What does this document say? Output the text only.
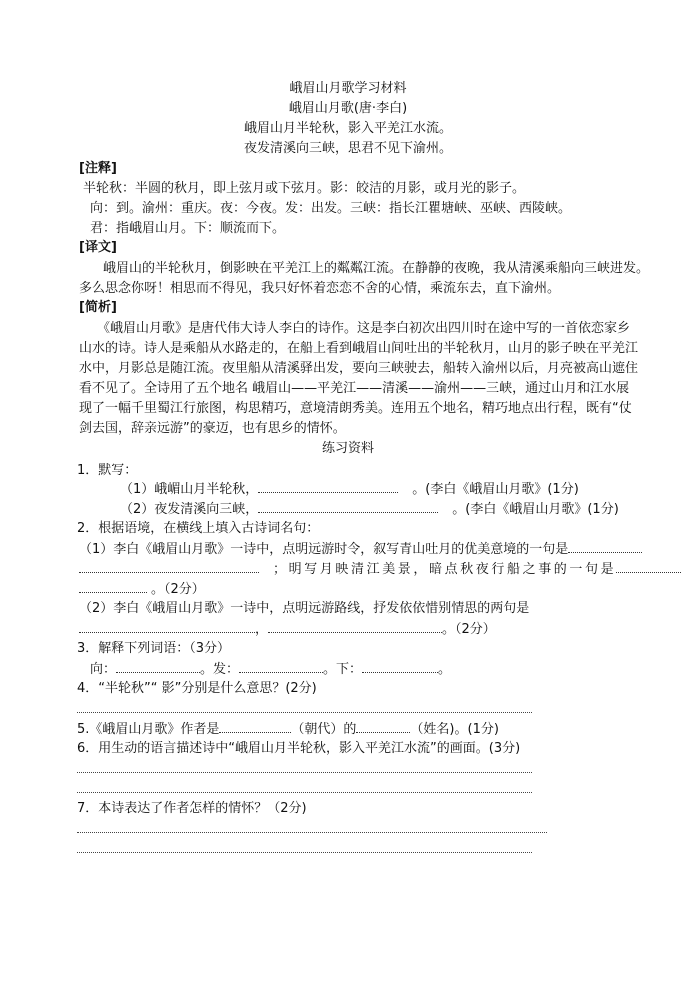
峨眉山月歌学习材料
峨眉山月歌(唐·李白)
峨眉山月半轮秋，影入平羌江水流。
夜发清溪向三峡，思君不见下渝州。
[注释]
半轮秋：半圆的秋月，即上弦月或下弦月。影：皎洁的月影，或月光的影子。
向：到。渝州：重庆。夜：今夜。发：出发。三峡：指长江瞿塘峡、巫峡、西陵峡。
君：指峨眉山月。下：顺流而下。
[译文]
峨眉山的半轮秋月，倒影映在平羌江上的粼粼江流。在静静的夜晚，我从清溪乘船向三峡进发。
多么思念你呀！相思而不得见，我只好怀着恋恋不舍的心情，乘流东去，直下渝州。
[简析]
《峨眉山月歌》是唐代伟大诗人李白的诗作。这是李白初次出四川时在途中写的一首依恋家乡
山水的诗。诗人是乘船从水路走的，在船上看到峨眉山间吐出的半轮秋月，山月的影子映在平羌江
水中，月影总是随江流。夜里船从清溪驿出发，要向三峡驶去，船转入渝州以后，月亮被高山遮住
看不见了。全诗用了五个地名 峨眉山——平羌江——清溪——渝州——三峡，通过山月和江水展
现了一幅千里蜀江行旅图，构思精巧，意境清朗秀美。连用五个地名，精巧地点出行程，既有“仗
剑去国，辞亲远游”的豪迈，也有思乡的情怀。
练习资料
1．默写：
（1）峨嵋山月半轮秋，	。(李白《峨眉山月歌》(1分)
（2）夜发清溪向三峡，	。(李白《峨眉山月歌》(1分)
2．根据语境，在横线上填入古诗词名句：
（1）李白《峨眉山月歌》一诗中，点明远游时令，叙写青山吐月的优美意境的一句是
；明写月映清江美景，暗点秋夜行船之事的一句是
。（2分）
（2）李白《峨眉山月歌》一诗中，点明远游路线，抒发依依惜别情思的两句是
，	。（2分）
3．解释下列词语：（3分）
向：	。发：	。下：	。
4．“半轮秋”“ 影”分别是什么意思？(2分)
5.《峨眉山月歌》作者是	（朝代）的	（姓名)。(1分)
6．用生动的语言描述诗中“峨眉山月半轮秋，影入平羌江水流”的画面。(3分)
7．本诗表达了作者怎样的情怀？（2分)
